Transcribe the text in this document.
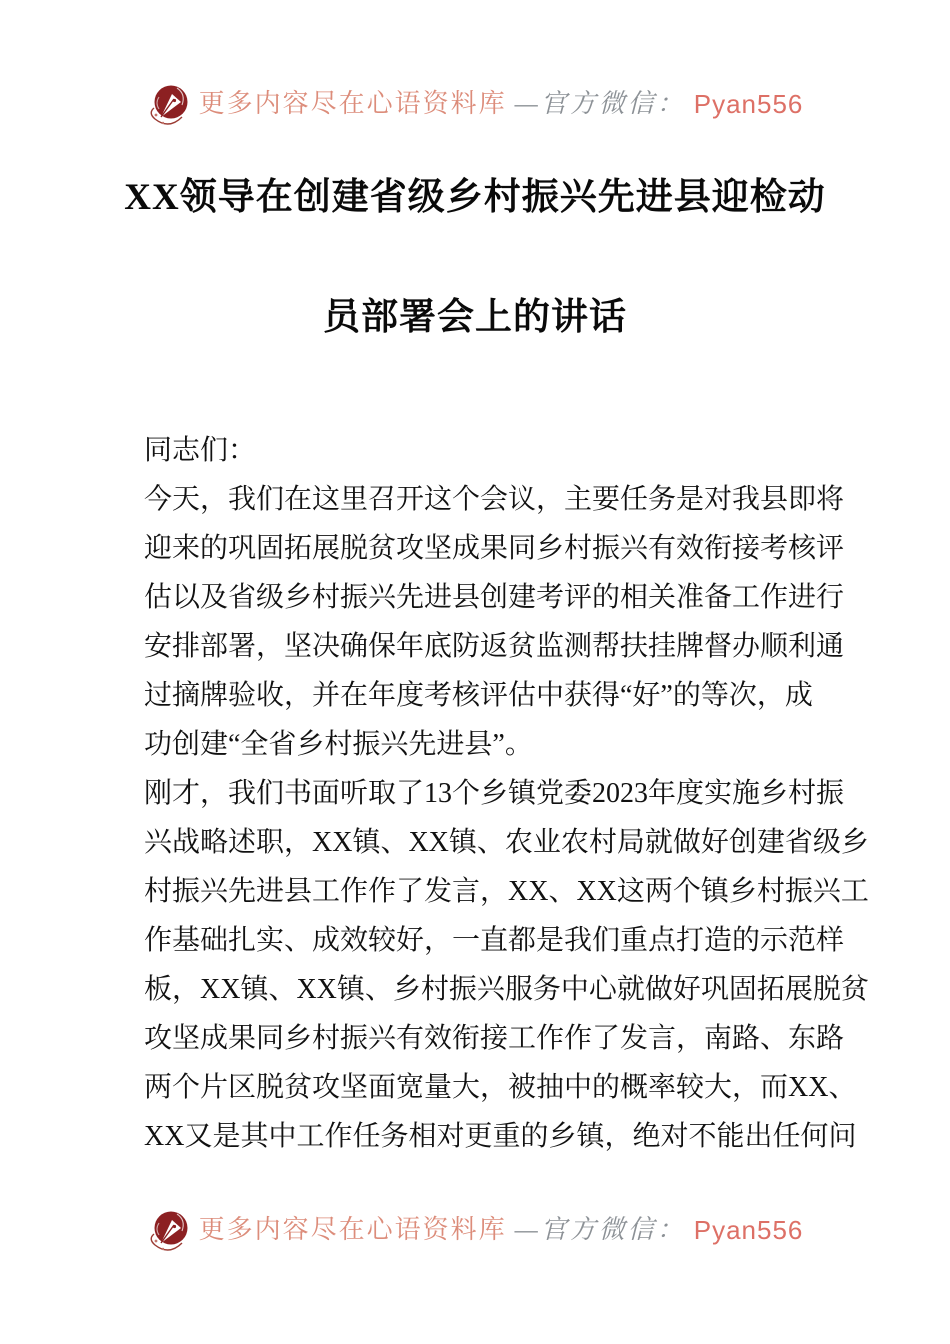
更多内容尽在心语资料库 —官方微信： Pyan556
XX领导在创建省级乡村振兴先进县迎检动
员部署会上的讲话
同志们：
今天，我们在这里召开这个会议，主要任务是对我县即将
迎来的巩固拓展脱贫攻坚成果同乡村振兴有效衔接考核评
估以及省级乡村振兴先进县创建考评的相关准备工作进行
安排部署，坚决确保年底防返贫监测帮扶挂牌督办顺利通
过摘牌验收，并在年度考核评估中获得“好”的等次，成
功创建“全省乡村振兴先进县”。
刚才，我们书面听取了13个乡镇党委2023年度实施乡村振
兴战略述职，XX镇、XX镇、农业农村局就做好创建省级乡
村振兴先进县工作作了发言，XX、XX这两个镇乡村振兴工
作基础扎实、成效较好，一直都是我们重点打造的示范样
板，XX镇、XX镇、乡村振兴服务中心就做好巩固拓展脱贫
攻坚成果同乡村振兴有效衔接工作作了发言，南路、东路
两个片区脱贫攻坚面宽量大，被抽中的概率较大，而XX、
XX又是其中工作任务相对更重的乡镇，绝对不能出任何问
更多内容尽在心语资料库 —官方微信： Pyan556
